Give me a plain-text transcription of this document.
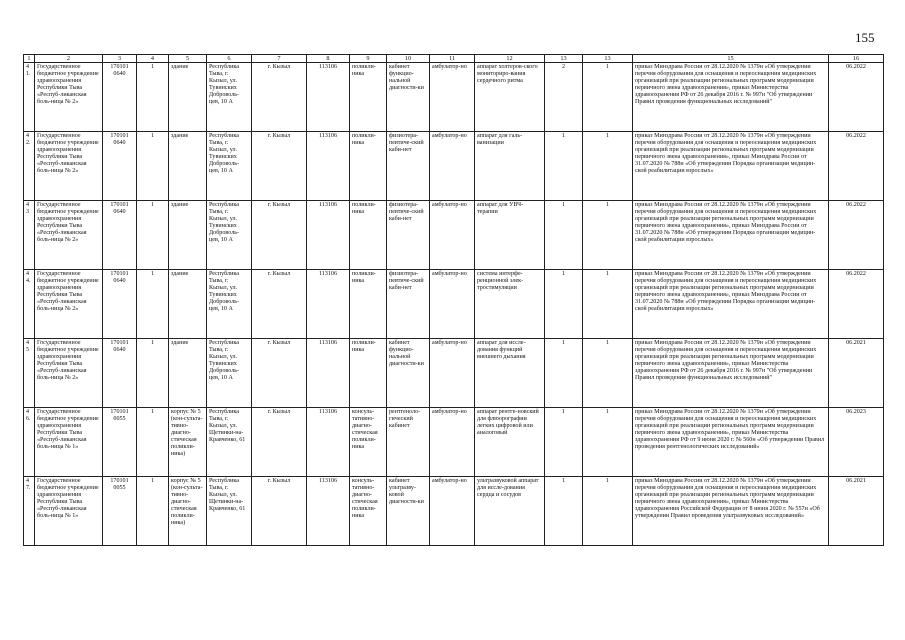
155
1	2	3	4	5	6	7	8	9	10	11	12	13	13	15	16
41.	Государственное бюджетное учреждение здравоохранения Республики Тыва «Респуб-ликанская боль-ница № 2»	170101 0640	1	здание	Республика Тыва, г. Кызыл, ул. Тувинских Доброволь-цев, 10 А	г. Кызыл	113106	поликли-ника	кабинет функцио-нальной диагности-ки	амбулатор-но	аппарат холтеров-ского мониториро-вания сердечного ритма	2	1	приказ Минздрава России от 28.12.2020 № 1379н «Об утверждении перечня оборудования для оснащения и переоснащения медицинских организаций при реализации региональных программ модернизации первичного звена здравоохранения», приказ Министерства здравоохранения РФ от 26 декабря 2016 г. № 997н "Об утверждении Правил проведения функциональных исследований"	06.2022
42.	Государственное бюджетное учреждение здравоохранения Республики Тыва «Респуб-ликанская боль-ница № 2»	170101 0640	1	здание	Республика Тыва, г. Кызыл, ул. Тувинских Доброволь-цев, 10 А	г. Кызыл	113106	поликли-ника	физиотера-певтиче-ский каби-нет	амбулатор-но	аппарат для галь-ванизации	1	1	приказ Минздрава России от 28.12.2020 № 1379н «Об утверждении перечня оборудования для оснащения и переоснащения медицинских организаций при реализации региональных программ модернизации первичного звена здравоохранения», приказ Минздрава России от 31.07.2020 № 788н «Об утверждении Порядка организации медицин-ской реабилитации взрослых»	06.2022
43	Государственное бюджетное учреждение здравоохранения Республики Тыва «Респуб-ликанская боль-ница № 2»	170101 0640	1	здание	Республика Тыва, г. Кызыл, ул. Тувинских Доброволь-цев, 10 А	г. Кызыл	113106	поликли-ника	физиотера-певтиче-ский каби-нет	амбулатор-но	аппарат для УВЧ-терапии	1	1	приказ Минздрава России от 28.12.2020 № 1379н «Об утверждении перечня оборудования для оснащения и переоснащения медицинских организаций при реализации региональных программ модернизации первичного звена здравоохранения», приказ Минздрава России от 31.07.2020 № 788н «Об утверждении Порядка организации медицин-ской реабилитации взрослых»	06.2022
44.	Государственное бюджетное учреждение здравоохранения Республики Тыва «Респуб-ликанская боль-ница № 2»	170101 0640	1	здание	Республика Тыва, г. Кызыл, ул. Тувинских Доброволь-цев, 10 А	г. Кызыл	113106	поликли-ника	физиотера-певтиче-ский каби-нет	амбулатор-но	система интерфе-ренционной элек-тростимуляции	1	1	приказ Минздрава России от 28.12.2020 № 1379н «Об утверждении перечня оборудования для оснащения и переоснащения медицинских организаций при реализации региональных программ модернизации первичного звена здравоохранения», приказ Минздрава России от 31.07.2020 № 788н «Об утверждении Порядка организации медицин-ской реабилитации взрослых»	06.2022
45	Государственное бюджетное учреждение здравоохранения Республики Тыва «Респуб-ликанская боль-ница № 2»	170101 0640	1	здание	Республика Тыва, г. Кызыл, ул. Тувинских Доброволь-цев, 10 А	г. Кызыл	113106	поликли-ника	кабинет функцио-нальной диагности-ки	амбулатор-но	аппарат для иссле-дования функций внешнего дыхания	1	1	приказ Минздрава России от 28.12.2020 № 1379н «Об утверждении перечня оборудования для оснащения и переоснащения медицинских организаций при реализации региональных программ модернизации первичного звена здравоохранения», приказ Министерства здравоохранения РФ от 26 декабря 2016 г. № 997н "Об утверждении Правил проведения функциональных исследований"	06.2021
46.	Государственное бюджетное учреждение здравоохранения Республики Тыва «Респуб-ликанская боль-ница № 1»	170101 0055	1	корпус № 5 (кон-сульта-тивно-диагно-стическая поликли-ника)	Республика Тыва, г. Кызыл, ул. Щетинки-на-Кравченко, 61	г. Кызыл	113106	консуль-тативно-диагно-стическая поликли-ника	рентгеноло-гический кабинет	амбулатор-но	аппарат рентге-новский для флюорографии легких цифровой или аналоговый	1	1	приказ Минздрава России от 28.12.2020 № 1379н «Об утверждении перечня оборудования для оснащения и переоснащения медицинских организаций при реализации региональных программ модернизации первичного звена здравоохранения», приказ Министерства здравоохранения РФ от 9 июня 2020 г. № 560н «Об утверждении Правил проведения рентгенологических исследований»	06.2023
47.	Государственное бюджетное учреждение здравоохранения Республики Тыва «Респуб-ликанская боль-ница № 1»	170101 0055	1	корпус № 5 (кон-сульта-тивно-диагно-стическая поликли-ника)	Республика Тыва, г. Кызыл, ул. Щетинки-на-Кравченко, 61	г. Кызыл	113106	консуль-тативно-диагно-стическая поликли-ника	кабинет ультразву-ковой диагности-ки	амбулатор-но	ультразвуковой аппарат для иссле-дования сердца и сосудов	1	1	приказ Минздрава России от 28.12.2020 № 1379н «Об утверждении перечня оборудования для оснащения и переоснащения медицинских организаций при реализации региональных программ модернизации первичного звена здравоохранения», приказ Министерства здравоохранения Российской Федерации от 8 июня 2020 г. № 557н «Об утверждении Правил проведения ультразвуковых исследований»	06.2021
